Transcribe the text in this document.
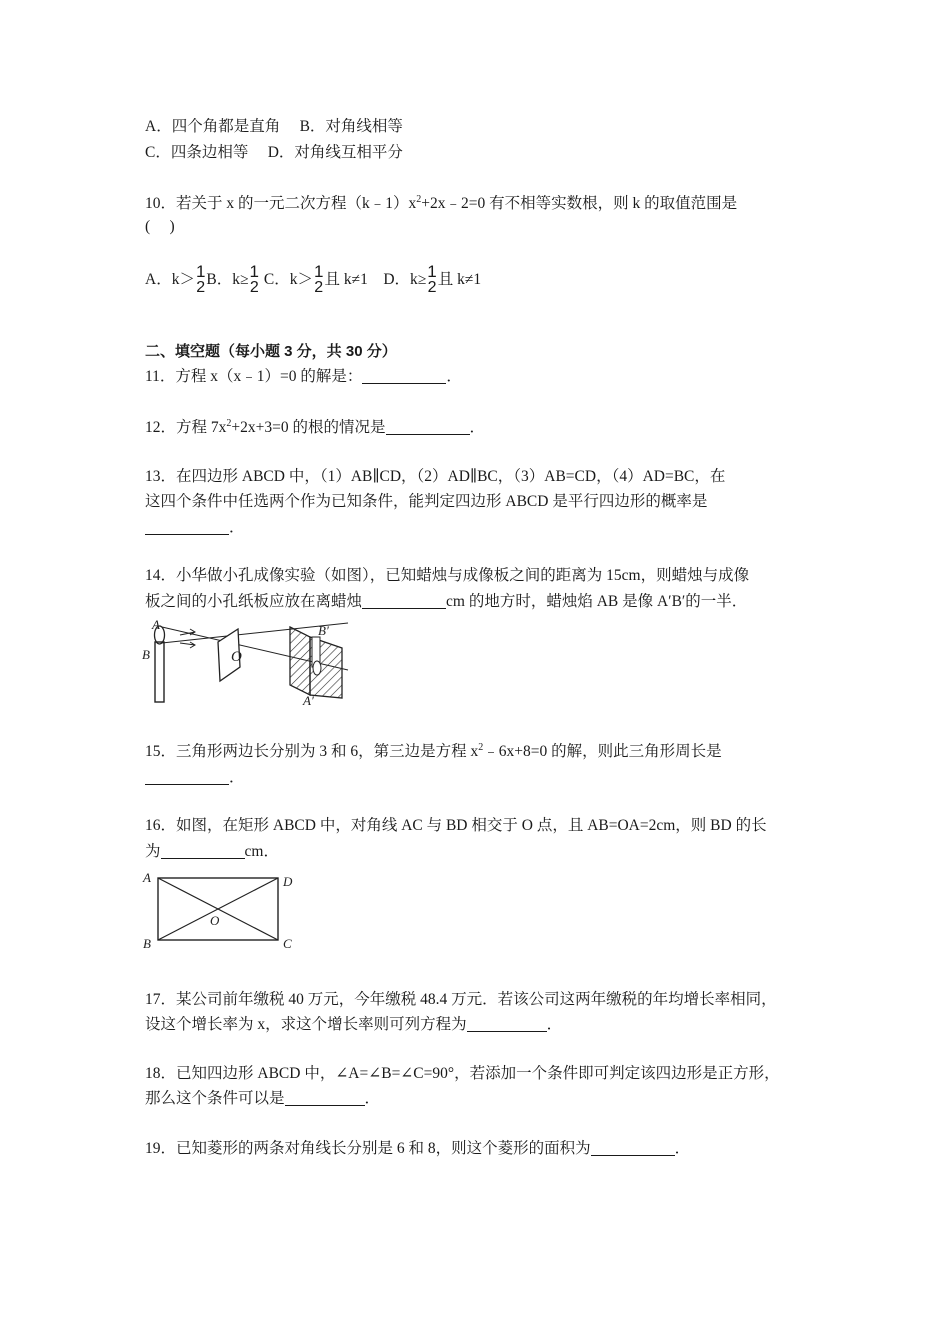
A．四个角都是直角　 B．对角线相等
C．四条边相等　 D．对角线互相平分
10．若关于 x 的一元二次方程$(k﹣1)x^2+2x﹣2=0$ 有不相等实数根，则 k 的取值范围是
(　 )
A．k＞ 1
2 B．k≥ 1
2 C．k＞ 1
2 且 k≠1　D．k≥ 1
2 且 k≠1
二、填空题（每小题 3 分，共 30 分）
11．方程 x（x﹣1）=0 的解是：	．
12．方程 $7x^2+2x+3=0$ 的根的情况是	．
13．在四边形 ABCD 中，（1）AB∥CD，（2）AD∥BC，（3）AB=CD，（4）AD=BC，在
这四个条件中任选两个作为已知条件，能判定四边形 ABCD 是平行四边形的概率是
．
14．小华做小孔成像实验（如图），已知蜡烛与成像板之间的距离为 15cm，则蜡烛与成像
板之间的小孔纸板应放在离蜡烛	cm 的地方时，蜡烛焰 AB 是像 A′B′的一半．
A
B	O
B′
A′
15．三角形两边长分别为 3 和 6，第三边是方程 $x^2﹣6x+8=0$ 的解，则此三角形周长是
．
16．如图，在矩形 ABCD 中，对角线 AC 与 BD 相交于 O 点，且 AB=OA=2cm，则 BD 的长
为	cm．
A
B	C
D
O
17．某公司前年缴税 40 万元，今年缴税 48.4 万元．若该公司这两年缴税的年均增长率相同，
设这个增长率为 x，求这个增长率则可列方程为	．
18．已知四边形 ABCD 中，∠A=∠B=∠C=90°，若添加一个条件即可判定该四边形是正方形，
那么这个条件可以是	．
19．已知菱形的两条对角线长分别是 6 和 8，则这个菱形的面积为	．
